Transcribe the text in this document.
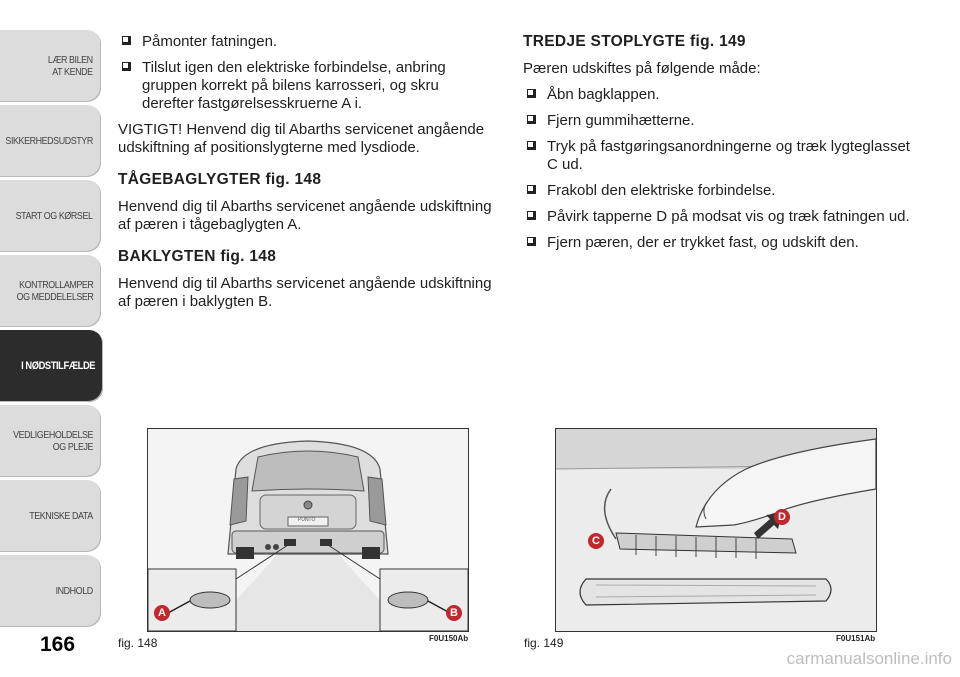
LÆR BILEN
AT KENDE
SIKKERHEDSUDSTYR
START OG KØRSEL
KONTROLLAMPER
OG MEDDELELSER
I NØDSTILFÆLDE
VEDLIGEHOLDELSE
OG PLEJE
TEKNISKE DATA
INDHOLD
166
Påmonter fatningen.
Tilslut igen den elektriske forbindelse, anbring gruppen korrekt på bilens karrosseri, og skru derefter fastgørelsesskruerne A i.
VIGTIGT! Henvend dig til Abarths servicenet angående udskiftning af positionslygterne med lysdiode.
TÅGEBAGLYGTER fig. 148
Henvend dig til Abarths servicenet angående udskiftning af pæren i tågebaglygten A.
BAKLYGTEN fig. 148
Henvend dig til Abarths servicenet angående udskiftning af pæren i baklygten B.
TREDJE STOPLYGTE fig. 149
Pæren udskiftes på følgende måde:
Åbn bagklappen.
Fjern gummihætterne.
Tryk på fastgøringsanordningerne og træk lygteglasset C ud.
Frakobl den elektriske forbindelse.
Påvirk tapperne D på modsat vis og træk fatningen ud.
Fjern pæren, der er trykket fast, og udskift den.
A	B
PUNTO
fig. 148	F0U150Ab
C
D
fig. 149	F0U151Ab
carmanualsonline.info
